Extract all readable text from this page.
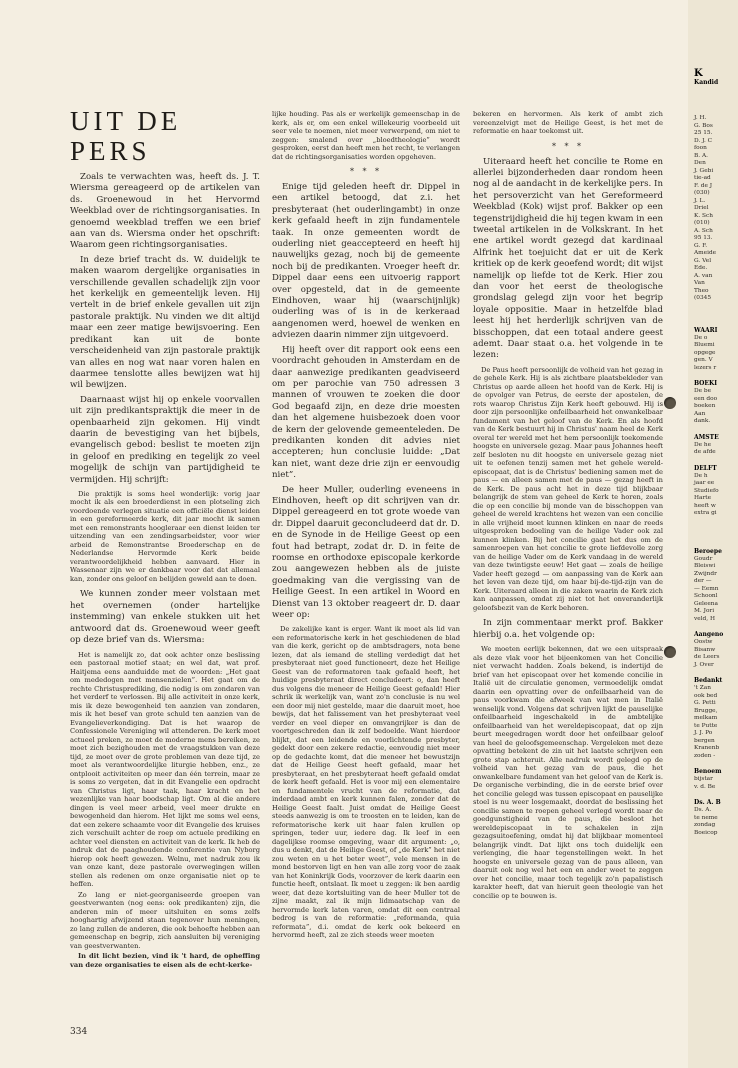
UIT DE PERS

Zoals te verwachten was, heeft ds. J. T. Wiersma gereageerd op de artikelen van ds. Groenewoud in het Hervormd Weekblad over de richtingsorganisaties. In genoemd weekblad treffen we een brief aan van ds. Wiersma onder het opschrift: Waarom geen richtingsorganisaties.

In deze brief tracht ds. W. duidelijk te maken waarom dergelijke organisaties in verschillende gevallen schadelijk zijn voor het kerkelijk en gemeentelijk leven. Hij vertelt in de brief enkele gevallen uit zijn pastorale praktijk. Nu vinden we dit altijd maar een zeer matige bewijsvoering. Een predikant kan uit de bonte verscheidenheid van zijn pastorale praktijk van alles en nog wat naar voren halen en daarmee tenslotte alles bewijzen wat hij wil bewijzen.

Daarnaast wijst hij op enkele voorvallen uit zijn predikantspraktijk die meer in de openbaarheid zijn gekomen. Hij vindt daarin de bevestiging van het bijbels, evangelisch gebod: beslist te moeten zijn in geloof en prediking en tegelijk zo veel mogelijk de schijn van partijdigheid te vermijden. Hij schrijft:

Die praktijk is soms heel wonderlijk: vorig jaar mocht ik als een broederdienst in een plotseling zich voordoende verlegen situatie een officiële dienst leiden in een gereformeerde kerk, dit jaar mocht ik samen met een remonstrants hoogleraar een dienst leiden ter uitzending van een zendingsarbeidster, voor wier arbeid de Remonstrantse Broederschap en de Nederlandse Hervormde Kerk beide verantwoordelijkheid hebben aanvaard. Hier in Wassenaar zijn we er dankbaar voor dat dat allemaal kan, zonder ons geloof en belijden geweld aan te doen.

We kunnen zonder meer volstaan met het overnemen (onder hartelijke instemming) van enkele stukken uit het antwoord dat ds. Groenewoud weer geeft op deze brief van ds. Wiersma:

Het is namelijk zo, dat ook achter onze beslissing een pastoraal motief staat; en wel dat, wat prof. Haitjema eens aanduidde met de woorden: „Het gaat om mededogen met mensenzielen”. Het gaat om de rechte Christusprediking, die nodig is om zondaren van het verderf te verlossen. Bij alle activiteit in onze kerk, mis ik deze bewogenheid ten aanzien van zondaren, mis ik het besef van grote schuld ten aanzien van de Evangelieverkondiging. Dat is het waarop de Confessionele Vereniging wil attenderen. De kerk moet actueel preken, ze moet de moderne mens bereiken, ze moet zich bezighouden met de vraagstukken van deze tijd, ze moet over de grote problemen van deze tijd, ze moet als verantwoordelijke liturgie hebben, enz., ze ontplooit activiteiten op meer dan één terrein, maar ze is soms zo vergeten, dat in dit Evangelie een opdracht van Christus ligt, haar taak, haar kracht en het wezenlijke van haar boodschap ligt. Om al die andere dingen is veel meer arbeid, veel meer drukte en bewogenheid dan hierom. Het lijkt me soms wel eens, dat een zekere schaamte voor dit Evangelie des kruises zich verschuilt achter de roep om actuele prediking en achter veel diensten en activiteit van de kerk. Ik heb de indruk dat de paaghoudende conferentie van Nyborg hierop ook heeft gewezen. Welnu, met nadruk zou ik van onze kant, deze pastorale overwegingen willen stellen als redenen om onze organisatie niet op te heffen.

Zo lang er niet-georganiseerde groepen van geestverwanten (nog eens: ook predikanten) zijn, die anderen min of meer uitsluiten en soms zelfs hooghartig afwijzend staan tegenover hun meningen, zo lang zullen de anderen, die ook behoefte hebben aan gemeenschap en begrip, zich aansluiten bij vereniging van geestverwanten.

In dit licht bezien, vind ik 't hard, de opheffing van deze organisaties te eisen als de echt-kerke-

lijke houding. Pas als er werkelijk gemeenschap in de kerk, als er, om een enkel willekeurig voorbeeld uit seer vele te noemen, niet meer verwerpend, om niet te zeggen: smalend over „bloedtheologie” wordt gesproken, eerst dan heeft men het recht, te verlangen dat de richtingsorganisaties worden opgeheven.

* * *

Enige tijd geleden heeft dr. Dippel in een artikel betoogd, dat z.i. het presbyteraat (het ouderlingambt) in onze kerk gefaald heeft in zijn fundamentele taak. In onze gemeenten wordt de ouderling niet geaccepteerd en heeft hij nauwelijks gezag, noch bij de gemeente noch bij de predikanten. Vroeger heeft dr. Dippel daar eens een uitvoerig rapport over opgesteld, dat in de gemeente Eindhoven, waar hij (waarschijnlijk) ouderling was of is in de kerkeraad aangenomen werd, hoewel de wenken en adviezen daarin nimmer zijn uitgevoerd.

Hij heeft over dit rapport ook eens een voordracht gehouden in Amsterdam en de daar aanwezige predikanten geadviseerd om per parochie van 750 adressen 3 mannen of vrouwen te zoeken die door God begaafd zijn, en deze drie moesten dan het algemene huisbezoek doen voor de kern der gelovende gemeenteleden. De predikanten konden dit advies niet accepteren; hun conclusie luidde: „Dat kan niet, want deze drie zijn er eenvoudig niet”.

De heer Muller, ouderling eveneens in Eindhoven, heeft op dit schrijven van dr. Dippel gereageerd en tot grote woede van dr. Dippel daaruit geconcludeerd dat dr. D. en de Synode in de Heilige Geest op een fout had betrapt, zodat dr. D. in feite de roomse en orthodoxe episcopale kerkorde zou aangewezen hebben als de juiste goedmaking van die vergissing van de Heilige Geest. In een artikel in Woord en Dienst van 13 oktober reageert dr. D. daar weer op:

De zakelijke kant is erger. Want ik moet als lid van een reformatorische kerk in het geschiedenen de blad van die kerk, gericht op de ambtsdragers, nota bene lezen, dat als iemand de stelling verdedigt dat het presbyteraat niet goed functioneert, deze het Heilige Geest van de reformatoren taak gefaald heeft, het huidige presbyteraat direct concludeert: o, dan heeft dus volgens die meneer de Heilige Geest gefaald! Hier schrik ik werkelijk van, want zo'n conclusie is nu wel een door mij niet gestelde, maar die daaruit moet, hoe bewijs, dat het falissement van het presbyteraat veel verder en veel dieper en omvangrijker is dan de voortgeschreden dan ik zelf bedoelde. Want hierdoor blijkt, dat een leidende en voorlichtende presbyter, gedekt door een zekere redactie, eenvoudig niet meer op de gedachte komt, dat die meneer het bewustzijn dat de Heilige Geest heeft gefaald, maar het presbyteraat, en het presbyteraat heeft gefaald omdat de kerk heeft gefaald. Het is voor mij een elementaire en fundamentele vrucht van de reformatie, dat inderdaad ambt en kerk kunnen falen, zonder dat de Heilige Geest faalt. Juist omdat de Heilige Geest steeds aanwezig is om te troosten en te leiden, kan de reformatorische kerk uit haar falen krullen op springen, teder uur, iedere dag. Ik leef in een dagelijkse roomse omgeving, waar dit argument: „o, dus u denkt, dat de Heilige Geest, of „de Kerk” het niet zou weten en u het beter weet”, vele mensen in de mond bestorven ligt en hen van alle zorg voor de zaak van het Koninkrijk Gods, voorzover de kerk daarin een functie heeft, ontslaat. Ik moet u zeggen: ik ben aardig weer, dat deze kortsluiting van de heer Muller tot de zijne maakt, zal ik mijn lidmaatschap van de hervormde kerk laten varen, omdat dit een centraal bedrog is van de reformatie: „reformanda, quia reformata”, d.i. omdat de kerk ook bekeerd en hervormd heeft, zal ze zich steeds weer moeten

bekeren en hervormen. Als kerk of ambt zich vereenzelvigt met de Heilige Geest, is het met de reformatie en haar toekomst uit.

* * *

Uiteraard heeft het concilie te Rome en allerlei bijzonderheden daar rondom heen nog al de aandacht in de kerkelijke pers. In het persoverzicht van het Gereformeerd Weekblad (Kok) wijst prof. Bakker op een tegenstrijdigheid die hij tegen kwam in een tweetal artikelen in de Volkskrant. In het ene artikel wordt gezegd dat kardinaal Alfrink het toejuicht dat er uit de Kerk kritiek op de kerk geoefend wordt; dit wijst namelijk op liefde tot de Kerk. Hier zou dan voor het eerst de theologische grondslag gelegd zijn voor het begrip loyale oppositie. Maar in hetzelfde blad leest hij het herderlijk schrijven van de bisschoppen, dat een totaal andere geest ademt. Daar staat o.a. het volgende in te lezen:

De Paus heeft persoonlijk de volheid van het gezag in de gehele Kerk. Hij is als zichtbare plaatsbekleder van Christus op aarde alleen het hoofd van de Kerk. Hij is de opvolger van Petrus, de eerste der apostelen, de rots waarop Christus Zijn Kerk heeft gebouwd. Hij is door zijn persoonlijke onfeilbaarheid het onwankelbaar fundament van het geloof van de Kerk. En als hoofd van de Kerk bestuurt hij in Christus' naam heel de Kerk overal ter wereld met het hem persoonlijk toekomende hoogste en universele gezag. Maar paus Johannes heeft zelf besloten nu dit hoogste en universele gezag niet uit te oefenen tenzij samen met het gehele wereld-episcopaat, dat is de Christus' bediening samen met de paus — en alleen samen met de paus — gezag heeft in de Kerk. De paus acht het in deze tijd blijkbaar belangrijk de stem van geheel de Kerk te horen, zoals die op een concilie bij monde van de bisschoppen van geheel de wereld krachtens het wezen van een concilie in alle vrijheid moet kunnen klinken en naar de reeds uitgesproken bedoeling van de heilige Vader ook zal kunnen klinken. Bij het concilie gaat het dus om de samenroepen van het concilie te grote liefdevolle zorg van de heilige Vader om de Kerk vandaag in de wereld van deze twintigste eeuw! Het gaat — zoals de heilige Vader heeft gezegd — om aanpassing van de Kerk aan het leven van deze tijd, om haar bij-de-tijd-zijn van de Kerk. Uiteraard alleen in die zaken waarin de Kerk zich kan aanpassen, omdat zij niet tot het onveranderlijk geloofsbezit van de Kerk behoren.

In zijn commentaar merkt prof. Bakker hierbij o.a. het volgende op:

We moeten eerlijk bekennen, dat we een uitspraak als deze vlak voor het bijeenkomen van het Concilie niet verwacht hadden. Zoals bekend, is indertijd de brief van het episcopaat over het komende concilie in Italië uit de circulatie genomen, vermoedelijk omdat daarin een opvatting over de onfeilbaarheid van de paus voorkwam die afweek van wat men in Italië wenselijk vond. Volgens dat schrijven lijkt de pauselijke onfeilbaarheid ingeschakeld in de ambtelijke onfeilbaarheid van het wereldepiscopaat, dat op zijn beurt meegedragen wordt door het onfeilbaar geloof van heel de geloofsgemeenschap. Vergeleken met deze opvatting betekent de zin uit het laatste schrijven een grote stap achteruit. Alle nadruk wordt gelegd op de volheid van het gezag van de paus, die het onwankelbare fundament van het geloof van de Kerk is. De organische verbinding, die in de eerste brief over het concilie gelegd was tussen episcopaat en pauselijke stoel is nu weer losgemaakt, doordat de beslissing het concilie samen te roepen geheel verlegd wordt naar de goedgunstigheid van de paus, die besloot het wereldepiscopaat in te schakelen in zijn gezagsuitoefening, omdat hij dat blijkbaar momenteel belangrijk vindt. Dat lijkt ons toch duidelijk een verlenging, die haar tegenstellingen wekt. In het hoogste en universele gezag van de paus alleen, van daaruit ook nog wel het een en ander weet te zeggen over het concilie, maar toch tegelijk zo'n papalistisch karakter heeft, dat van hieruit geen theologie van het concilie op te bouwen is.

334
K
Kandid
J. H.
G. Bos
25 15.
D. J. C
foon
B. A.
Den
J. Gebi
tie-ad
F. de J
(030)
J. L.
Driel
K. Sch
(010)
A. Sch
95 13.
G. F.
Ameide
G. Vel
Ede.
A. van
Van
Theo
(0345
WAARI
De o
Bluemi
opgege
gen. V
lezers r
BOEKI
De be
een doo
boeken
Aan
dank.
AMSTE
De he
de afde
DELFT
De h
jaar ee
Studiefo
Harte
heeft w
extra gi
Beroepe
Goudr
Bleiswi
Zwijndr
der —
— Eemn
Schoonl
Geleena
M. Jori
veld, H
Aangeno
Oostw
Bisanw
de Leers
J. Over
Bedankt
't Zan
ook bed
G. Petti
Brugge,
melkam
te Putte
J. J. Po
bergen
Kranenb
zoden -
Benoem
bijstar
v. d. Be
Ds. A. B
Ds. A.
te neme
zondag
Boeicop
